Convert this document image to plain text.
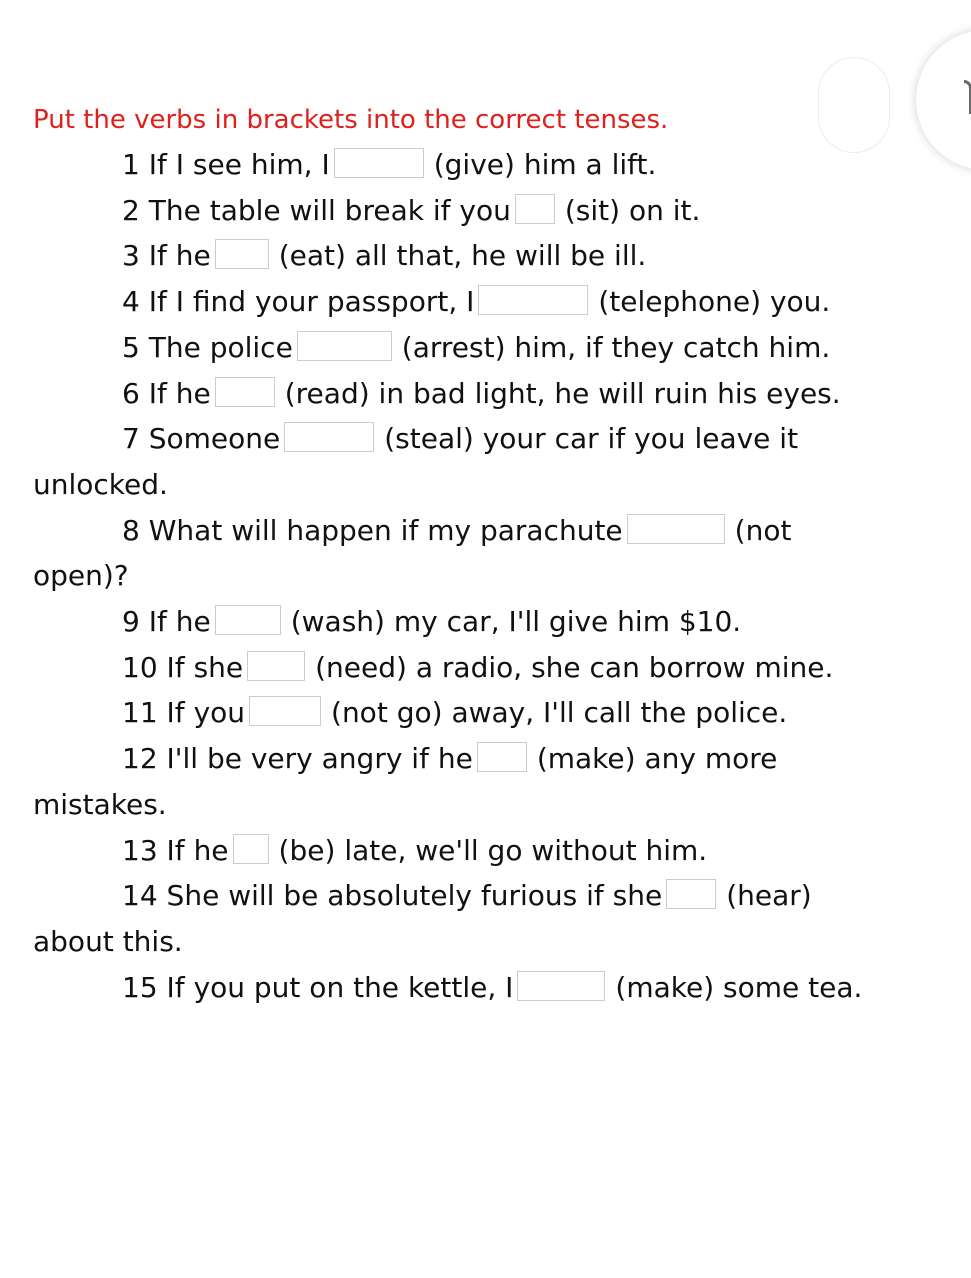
Put the verbs in brackets into the correct tenses.
1 If I see him, I	(give) him a lift.
2 The table will break if you (sit) on it.
3 If he (eat) all that, he will be ill.
4 If I find your passport, I	(telephone) you.
5 The police	(arrest) him, if they catch him.
6 If he	(read) in bad light, he will ruin his eyes.
7 Someone	(steal) your car if you leave it unlocked.
8 What will happen if my parachute	(not open)?
9 If he	(wash) my car, I'll give him $10.
10 If she	(need) a radio, she can borrow mine.
11 If you	(not go) away, I'll call the police.
12 I'll be very angry if he (make) any more mistakes.
13 If he (be) late, we'll go without him.
14 She will be absolutely furious if she (hear) about this.
15 If you put on the kettle, I	(make) some tea.
